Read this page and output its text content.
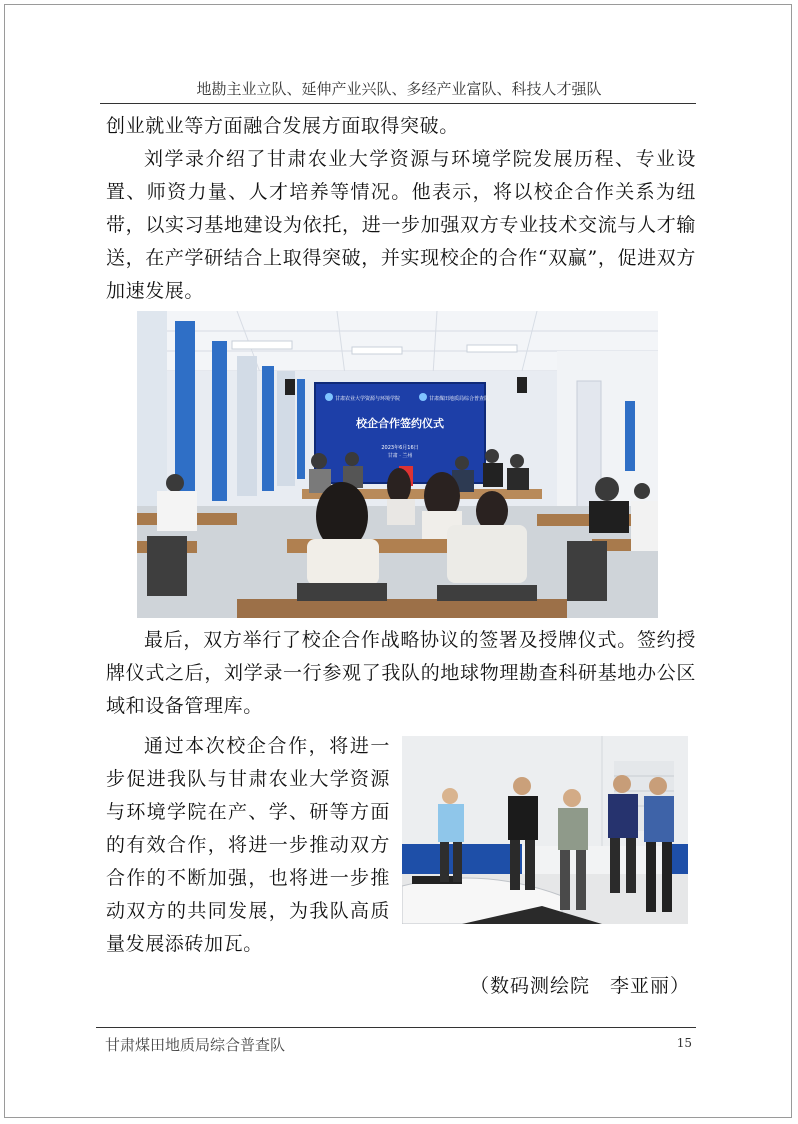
地勘主业立队、延伸产业兴队、多经产业富队、科技人才强队
创业就业等方面融合发展方面取得突破。
刘学录介绍了甘肃农业大学资源与环境学院发展历程、专业设置、师资力量、人才培养等情况。他表示，将以校企合作关系为纽带，以实习基地建设为依托，进一步加强双方专业技术交流与人才输送，在产学研结合上取得突破，并实现校企的合作“双赢”，促进双方加速发展。
甘肃农业大学资源与环境学院	甘肃煤田地质局综合普查队
校企合作签约仪式
2023年6月16日
甘肃 · 兰州
最后，双方举行了校企合作战略协议的签署及授牌仪式。签约授牌仪式之后，刘学录一行参观了我队的地球物理勘查科研基地办公区域和设备管理库。
通过本次校企合作，将进一步促进我队与甘肃农业大学资源与环境学院在产、学、研等方面的有效合作，将进一步推动双方合作的不断加强，也将进一步推动双方的共同发展，为我队高质量发展添砖加瓦。
（数码测绘院　李亚丽）
甘肃煤田地质局综合普查队	15
